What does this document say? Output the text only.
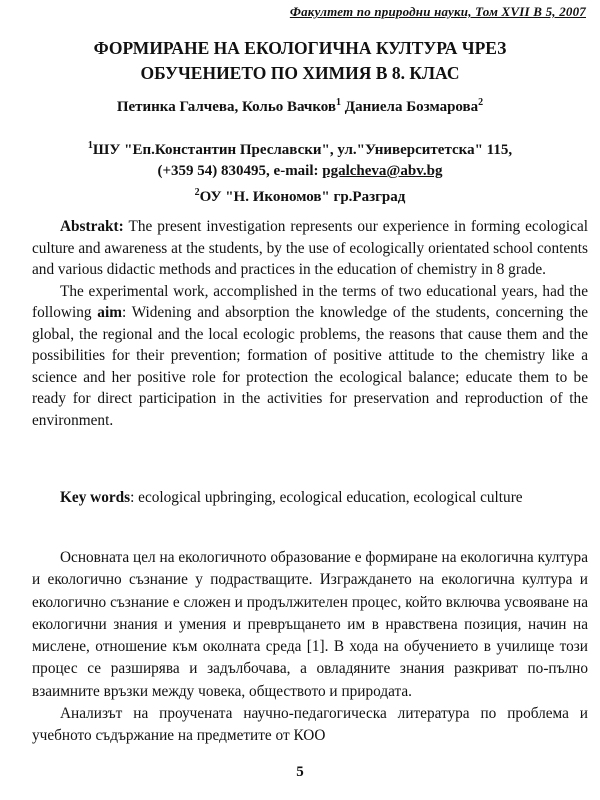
Факултет по природни науки, Том XVII В 5, 2007

ФОРМИРАНЕ НА ЕКОЛОГИЧНА КУЛТУРА ЧРЕЗ
ОБУЧЕНИЕТО ПО ХИМИЯ В 8. КЛАС

Петинка Галчева, Кольо Вачков$^1$ Даниела Бозмарова$^2$

$^1$ШУ "Еп.Константин Преславски", ул."Университетска" 115,
(+359 54) 830495, e-mail: pgalcheva@abv.bg
$^2$ОУ "Н. Икономов" гр.Разград

Abstrakt: The present investigation represents our experience in forming ecological culture and awareness at the students, by the use of ecologically orientated school contents and various didactic methods and practices in the education of chemistry in 8 grade.

The experimental work, accomplished in the terms of two educational years, had the following aim: Widening and absorption the knowledge of the students, concerning the global, the regional and the local ecologic problems, the reasons that cause them and the possibilities for their prevention; formation of positive attitude to the chemistry like a science and her positive role for protection the ecological balance; educate them to be ready for direct participation in the activities for preservation and reproduction of the environment.

Key words: ecological upbringing, ecological education, ecological culture

Основната цел на екологичното образование е формиране на екологична култура и екологично съзнание у подрастващите. Изграждането на екологична култура и екологично съзнание е сложен и продължителен процес, който включва усвояване на екологични знания и умения и превръщането им в нравствена позиция, начин на мислене, отношение към околната среда [1]. В хода на обучението в училище този процес се разширява и задълбочава, а овладяните знания разкриват по-пълно взаимните връзки между човека, обществото и природата.

Анализът на проучената научно-педагогическа литература по проблема и учебното съдържание на предметите от КОО

5
